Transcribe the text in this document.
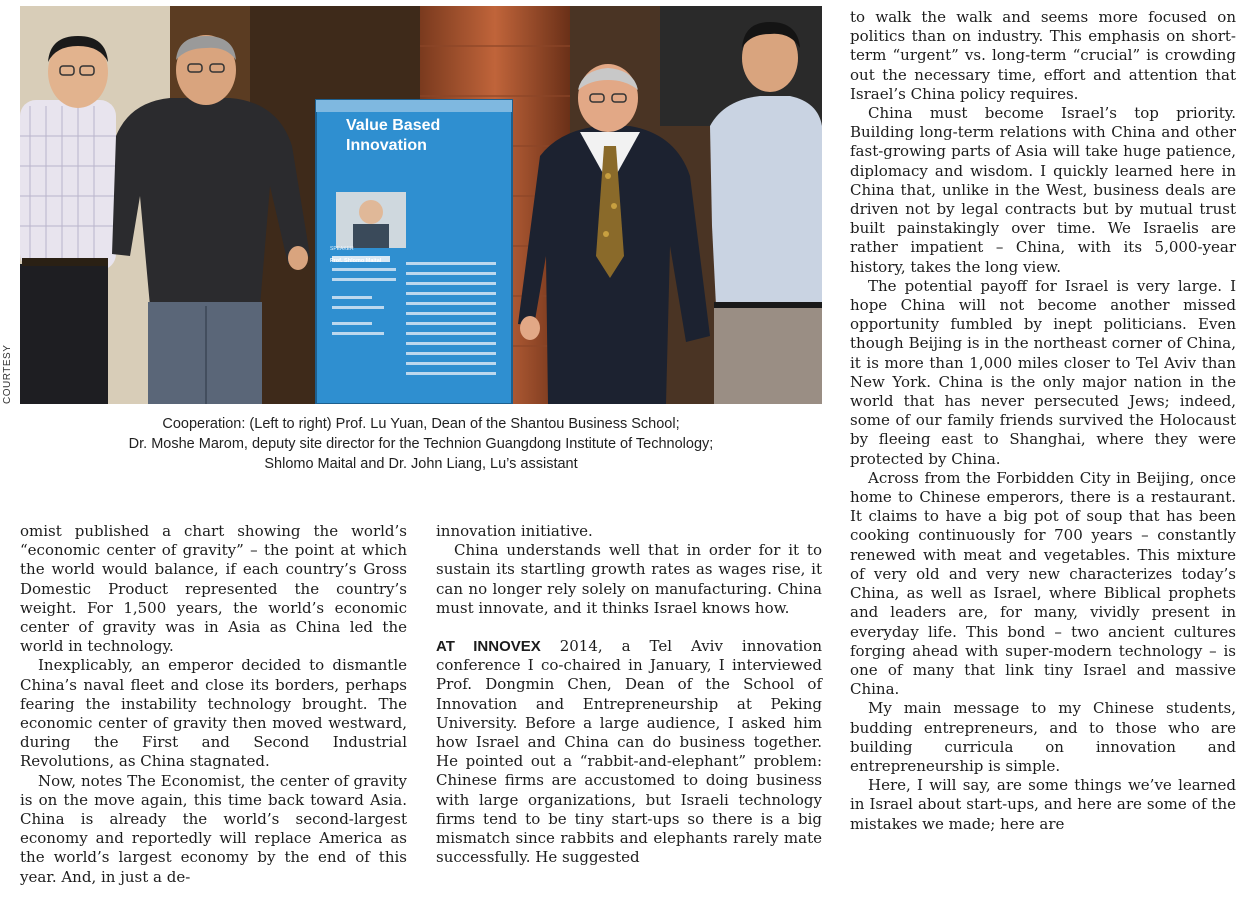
Value Based Innovation
SPEAKER
Prof. Shlomo Maital
COURTESY

Cooperation: (Left to right) Prof. Lu Yuan, Dean of the Shantou Business School;

Dr. Moshe Marom, deputy site director for the Technion Guangdong Institute of Technology;

Shlomo Maital and Dr. John Liang, Lu’s assistant

omist published a chart showing the world’s “economic center of gravity” – the point at which the world would balance, if each country’s Gross Domestic Product represented the country’s weight. For 1,500 years, the world’s economic center of gravity was in Asia as China led the world in technology.

Inexplicably, an emperor decided to dismantle China’s naval fleet and close its borders, perhaps fearing the instability technology brought. The economic center of gravity then moved westward, during the First and Second Industrial Revolutions, as China stagnated.

Now, notes The Economist, the center of gravity is on the move again, this time back toward Asia. China is already the world’s second-largest economy and reportedly will replace America as the world’s largest economy by the end of this year. And, in just a de-

innovation initiative.

China understands well that in order for it to sustain its startling growth rates as wages rise, it can no longer rely solely on manufacturing. China must innovate, and it thinks Israel knows how.

AT INNOVEX 2014, a Tel Aviv innovation conference I co-chaired in January, I interviewed Prof. Dongmin Chen, Dean of the School of Innovation and Entrepreneurship at Peking University. Before a large audience, I asked him how Israel and China can do business together. He pointed out a “rabbit-and-elephant” problem: Chinese firms are accustomed to doing business with large organizations, but Israeli technology firms tend to be tiny start-ups so there is a big mismatch since rabbits and elephants rarely mate successfully. He suggested

to walk the walk and seems more focused on politics than on industry. This emphasis on short-term “urgent” vs. long-term “crucial” is crowding out the necessary time, effort and attention that Israel’s China policy requires.

China must become Israel’s top priority. Building long-term relations with China and other fast-growing parts of Asia will take huge patience, diplomacy and wisdom. I quickly learned here in China that, unlike in the West, business deals are driven not by legal contracts but by mutual trust built painstakingly over time. We Israelis are rather impatient – China, with its 5,000-year history, takes the long view.

The potential payoff for Israel is very large. I hope China will not become another missed opportunity fumbled by inept politicians. Even though Beijing is in the northeast corner of China, it is more than 1,000 miles closer to Tel Aviv than New York. China is the only major nation in the world that has never persecuted Jews; indeed, some of our family friends survived the Holocaust by fleeing east to Shanghai, where they were protected by China.

Across from the Forbidden City in Beijing, once home to Chinese emperors, there is a restaurant. It claims to have a big pot of soup that has been cooking continuously for 700 years – constantly renewed with meat and vegetables. This mixture of very old and very new characterizes today’s China, as well as Israel, where Biblical prophets and leaders are, for many, vividly present in everyday life. This bond – two ancient cultures forging ahead with super-modern technology – is one of many that link tiny Israel and massive China.

My main message to my Chinese students, budding entrepreneurs, and to those who are building curricula on innovation and entrepreneurship is simple.

Here, I will say, are some things we’ve learned in Israel about start-ups, and here are some of the mistakes we made; here are
